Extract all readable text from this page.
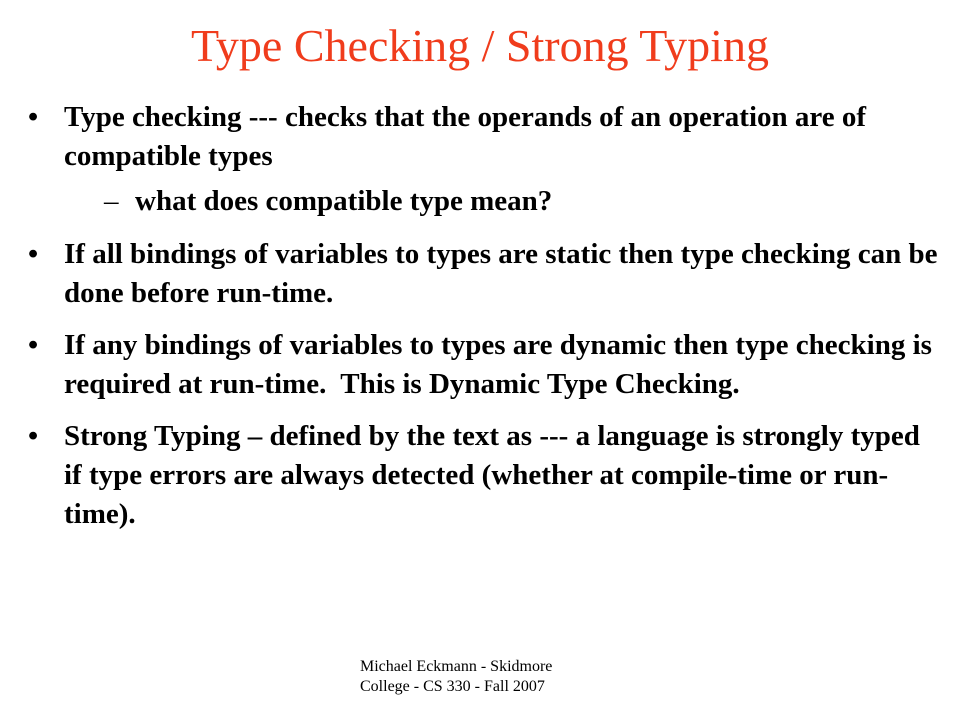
Type Checking / Strong Typing
• Type checking --- checks that the operands of an operation are of compatible types
– what does compatible type mean?
• If all bindings of variables to types are static then type checking can be done before run-time.
• If any bindings of variables to types are dynamic then type checking is required at run-time.  This is Dynamic Type Checking.
• Strong Typing – defined by the text as --- a language is strongly typed if type errors are always detected (whether at compile-time or run-time).
Michael Eckmann - Skidmore
College - CS 330 - Fall 2007
